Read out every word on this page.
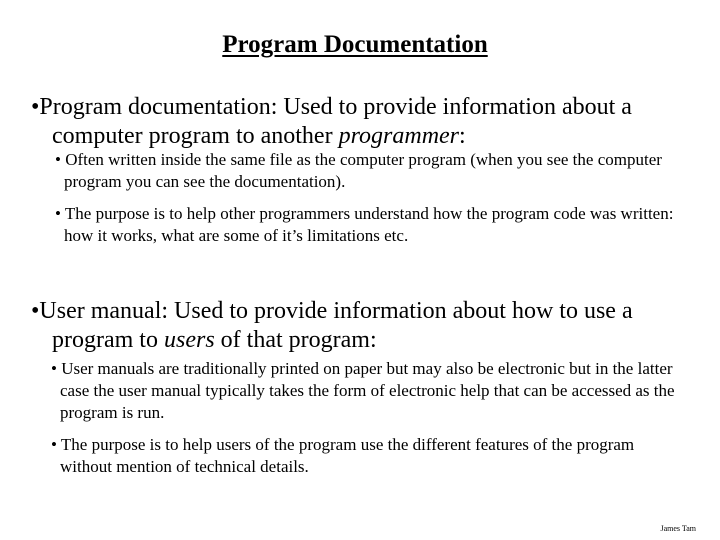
Program Documentation
•Program documentation: Used to provide information about a computer program to another programmer:
• Often written inside the same file as the computer program (when you see the computer program you can see the documentation).
• The purpose is to help other programmers understand how the program code was written: how it works, what are some of it’s limitations etc.
•User manual: Used to provide information about how to use a program to users of that program:
• User manuals are traditionally printed on paper but may also be electronic but in the latter case the user manual typically takes the form of electronic help that can be accessed as the program is run.
• The purpose is to help users of the program use the different features of the program without mention of technical details.
James Tam
